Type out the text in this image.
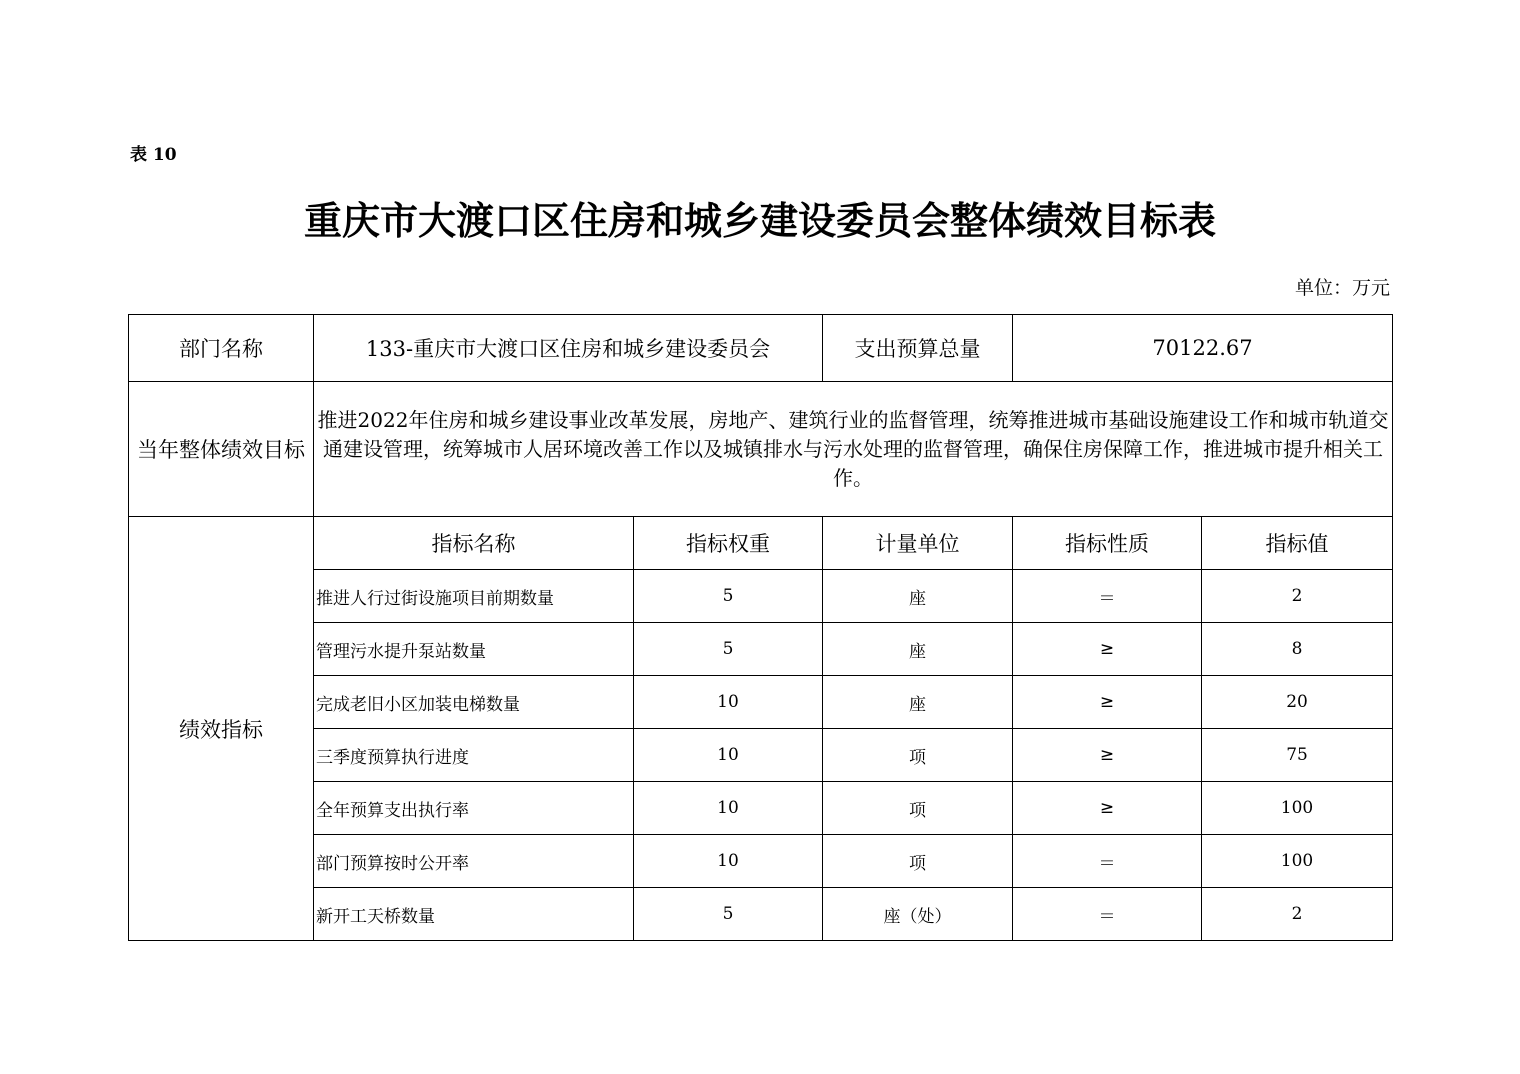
表 10
重庆市大渡口区住房和城乡建设委员会整体绩效目标表
单位：万元
部门名称	133-重庆市大渡口区住房和城乡建设委员会		支出预算总量	70122.67	
当年整体绩效目标	推进2022年住房和城乡建设事业改革发展，房地产、建筑行业的监督管理，统筹推进城市基础设施建设工作和城市轨道交通建设管理，统筹城市人居环境改善工作以及城镇排水与污水处理的监督管理，确保住房保障工作，推进城市提升相关工作。				
绩效指标	指标名称	指标权重	计量单位	指标性质	指标值
	推进人行过街设施项目前期数量	5	座	＝	2
	管理污水提升泵站数量	5	座	≥	8
	完成老旧小区加装电梯数量	10	座	≥	20
	三季度预算执行进度	10	项	≥	75
	全年预算支出执行率	10	项	≥	100
	部门预算按时公开率	10	项	＝	100
	新开工天桥数量	5	座（处）	＝	2
